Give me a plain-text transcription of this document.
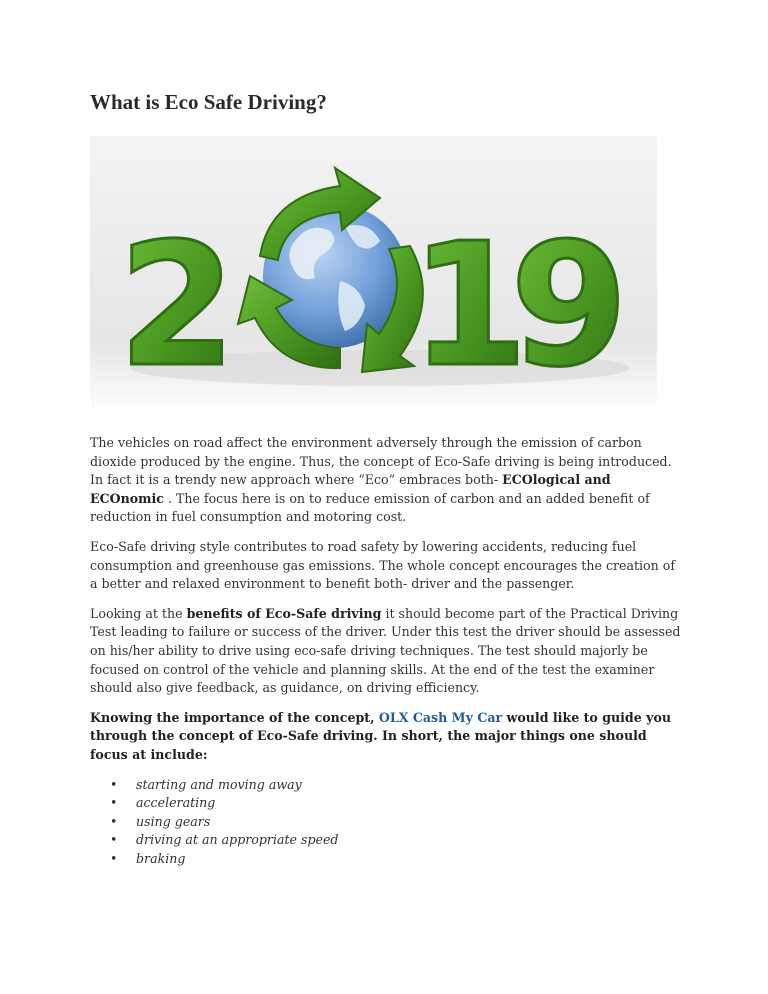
What is Eco Safe Driving?
2 1
9

The vehicles on road affect the environment adversely through the emission of carbon dioxide produced by the engine. Thus, the concept of Eco-Safe driving is being introduced. In fact it is a trendy new approach where “Eco” embraces both- ECOlogical and ECOnomic . The focus here is on to reduce emission of carbon and an added benefit of reduction in fuel consumption and motoring cost.

Eco-Safe driving style contributes to road safety by lowering accidents, reducing fuel consumption and greenhouse gas emissions. The whole concept encourages the creation of a better and relaxed environment to benefit both- driver and the passenger.

Looking at the benefits of Eco-Safe driving it should become part of the Practical Driving Test leading to failure or success of the driver. Under this test the driver should be assessed on his/her ability to drive using eco-safe driving techniques. The test should majorly be focused on control of the vehicle and planning skills. At the end of the test the examiner should also give feedback, as guidance, on driving efficiency.

Knowing the importance of the concept, OLX Cash My Car would like to guide you through the concept of Eco-Safe driving. In short, the major things one should focus at include:

• starting and moving away
• accelerating
• using gears
• driving at an appropriate speed
• braking
